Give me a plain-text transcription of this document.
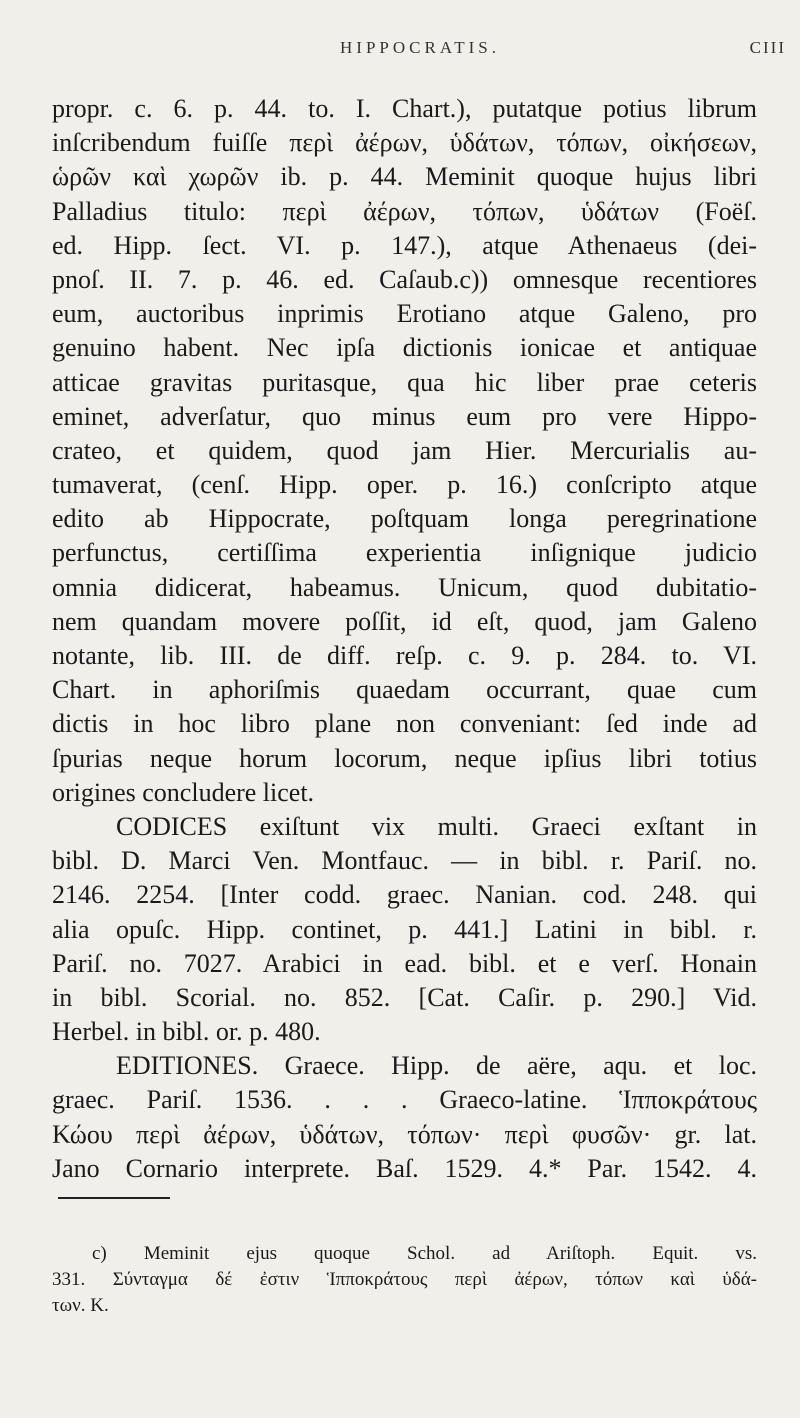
HIPPOCRATIS.	CIII
propr. c. 6. p. 44. to. I. Chart.), putatque potius librum
inſcribendum fuiſſe περὶ ἀέρων, ὑδάτων, τόπων, οἰκήσεων,
ὡρῶν καὶ χωρῶν ib. p. 44. Meminit quoque hujus libri
Palladius titulo: περὶ ἀέρων, τόπων, ὑδάτων (Foëſ.
ed. Hipp. ſect. VI. p. 147.), atque Athenaeus (dei-
pnoſ. II. 7. p. 46. ed. Caſaub.c)) omnesque recentiores
eum, auctoribus inprimis Erotiano atque Galeno, pro
genuino habent. Nec ipſa dictionis ionicae et antiquae
atticae gravitas puritasque, qua hic liber prae ceteris
eminet, adverſatur, quo minus eum pro vere Hippo-
crateo, et quidem, quod jam Hier. Mercurialis au-
tumaverat, (cenſ. Hipp. oper. p. 16.) conſcripto atque
edito ab Hippocrate, poſtquam longa peregrinatione
perfunctus, certiſſima experientia inſignique judicio
omnia didicerat, habeamus. Unicum, quod dubitatio-
nem quandam movere poſſit, id eſt, quod, jam Galeno
notante, lib. III. de diff. reſp. c. 9. p. 284. to. VI.
Chart. in aphoriſmis quaedam occurrant, quae cum
dictis in hoc libro plane non conveniant: ſed inde ad
ſpurias neque horum locorum, neque ipſius libri totius
origines concludere licet.
CODICES exiſtunt vix multi. Graeci exſtant in
bibl. D. Marci Ven. Montfauc. — in bibl. r. Pariſ. no.
2146. 2254. [Inter codd. graec. Nanian. cod. 248. qui
alia opuſc. Hipp. continet, p. 441.] Latini in bibl. r.
Pariſ. no. 7027. Arabici in ead. bibl. et e verſ. Honain
in bibl. Scorial. no. 852. [Cat. Caſir. p. 290.] Vid.
Herbel. in bibl. or. p. 480.
EDITIONES. Graece. Hipp. de aëre, aqu. et loc.
graec. Pariſ. 1536. . . . Graeco-latine. Ἱπποκράτους
Κώου περὶ ἀέρων, ὑδάτων, τόπων· περὶ φυσῶν· gr. lat.
Jano Cornario interprete. Baſ. 1529. 4.* Par. 1542. 4.
c) Meminit ejus quoque Schol. ad Ariſtoph. Equit. vs.
331. Σύνταγμα δέ ἐστιν Ἱπποκράτους περὶ ἀέρων, τόπων καὶ ὑδά-
των. K.
